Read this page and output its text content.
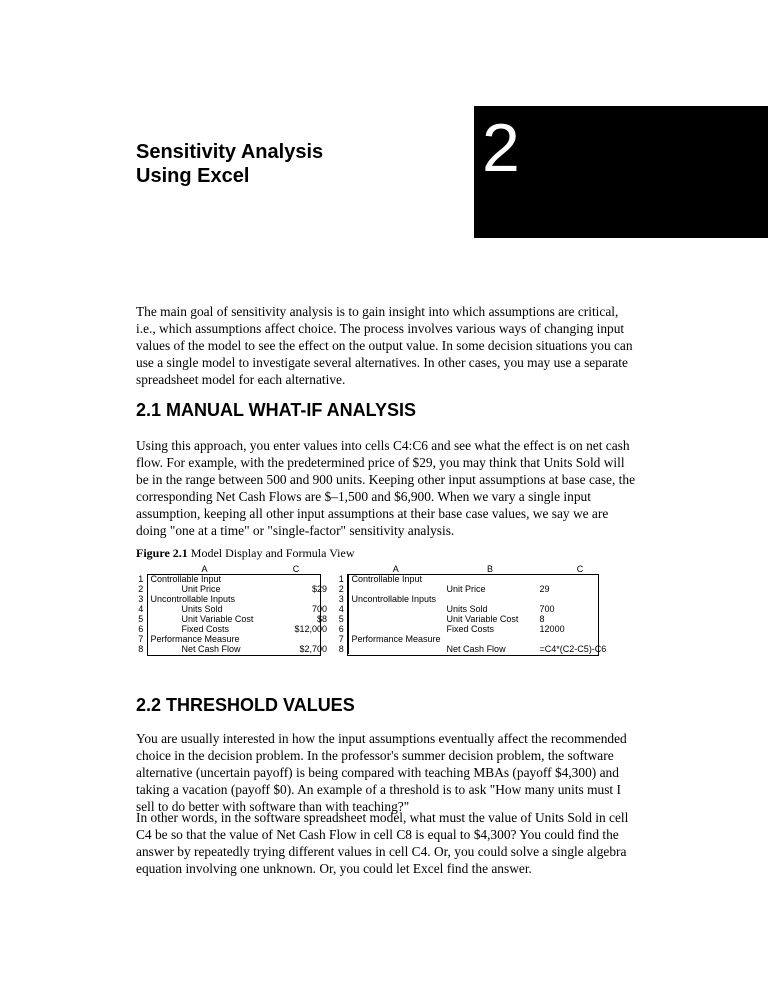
2
Sensitivity Analysis
Using Excel

The main goal of sensitivity analysis is to gain insight into which assumptions are critical, i.e., which assumptions affect choice. The process involves various ways of changing input values of the model to see the effect on the output value. In some decision situations you can use a single model to investigate several alternatives. In other cases, you may use a separate spreadsheet model for each alternative.

2.1 MANUAL WHAT-IF ANALYSIS

Using this approach, you enter values into cells C4:C6 and see what the effect is on net cash flow. For example, with the predetermined price of $29, you may think that Units Sold will be in the range between 500 and 900 units. Keeping other input assumptions at base case, the corresponding Net Cash Flows are $–1,500 and $6,900. When we vary a single input assumption, keeping all other input assumptions at their base case values, we say we are doing "one at a time" or "single-factor" sensitivity analysis.

Figure 2.1 Model Display and Formula View
	A	C
1	Controllable Input	
2	Unit Price	$29
3	Uncontrollable Inputs	
4	Units Sold	700
5	Unit Variable Cost	$8
6	Fixed Costs	$12,000
7	Performance Measure	
8	Net Cash Flow	$2,700
	A	B	C
1	Controllable Input		
2		Unit Price	29
3	Uncontrollable Inputs		
4		Units Sold	700
5		Unit Variable Cost	8
6		Fixed Costs	12000
7	Performance Measure		
8		Net Cash Flow	=C4*(C2-C5)-C6
2.2 THRESHOLD VALUES

You are usually interested in how the input assumptions eventually affect the recommended choice in the decision problem. In the professor's summer decision problem, the software alternative (uncertain payoff) is being compared with teaching MBAs (payoff $4,300) and taking a vacation (payoff $0). An example of a threshold is to ask "How many units must I sell to do better with software than with teaching?"

In other words, in the software spreadsheet model, what must the value of Units Sold in cell C4 be so that the value of Net Cash Flow in cell C8 is equal to $4,300? You could find the answer by repeatedly trying different values in cell C4. Or, you could solve a single algebra equation involving one unknown. Or, you could let Excel find the answer.
